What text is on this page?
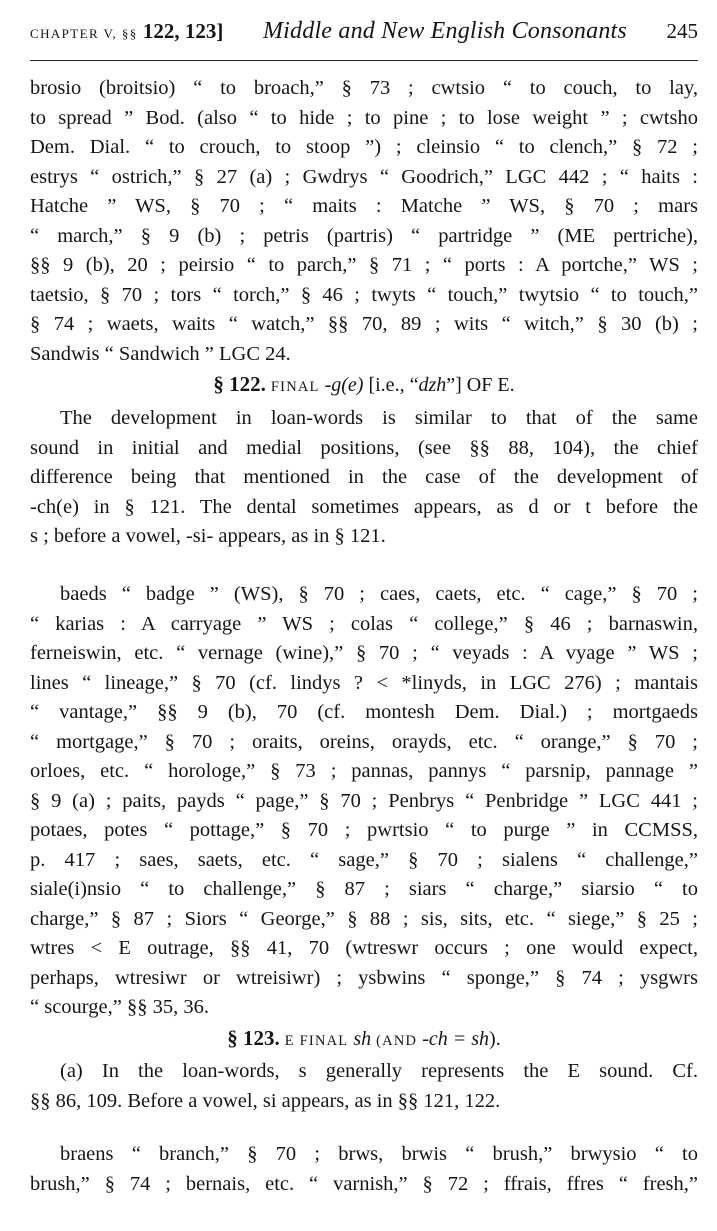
CHAPTER V, §§ 122, 123] Middle and New English Consonants 245
brosio (broitsio) “ to broach,” § 73 ; cwtsio “ to couch, to lay,
to spread ” Bod. (also “ to hide ; to pine ; to lose weight ” ; cwtsho
Dem. Dial. “ to crouch, to stoop ”) ; cleinsio “ to clench,” § 72 ;
estrys “ ostrich,” § 27 (a) ; Gwdrys “ Goodrich,” LGC 442 ; “ haits :
Hatche ” WS, § 70 ; “ maits : Matche ” WS, § 70 ; mars
“ march,” § 9 (b) ; petris (partris) “ partridge ” (ME pertriche),
§§ 9 (b), 20 ; peirsio “ to parch,” § 71 ; “ ports : A portche,” WS ;
taetsio, § 70 ; tors “ torch,” § 46 ; twyts “ touch,” twytsio “ to touch,”
§ 74 ; waets, waits “ watch,” §§ 70, 89 ; wits “ witch,” § 30 (b) ;
Sandwis “ Sandwich ” LGC 24.
§ 122. FINAL -g(e) [i.e., “dzh”] OF E.
The development in loan-words is similar to that of the same
sound in initial and medial positions, (see §§ 88, 104), the chief
difference being that mentioned in the case of the development of
-ch(e) in § 121. The dental sometimes appears, as d or t before the
s ; before a vowel, -si- appears, as in § 121.
baeds “ badge ” (WS), § 70 ; caes, caets, etc. “ cage,” § 70 ;
“ karias : A carryage ” WS ; colas “ college,” § 46 ; barnaswin,
ferneiswin, etc. “ vernage (wine),” § 70 ; “ veyads : A vyage ” WS ;
lines “ lineage,” § 70 (cf. lindys ? < *linyds, in LGC 276) ; mantais
“ vantage,” §§ 9 (b), 70 (cf. montesh Dem. Dial.) ; mortgaeds
“ mortgage,” § 70 ; oraits, oreins, orayds, etc. “ orange,” § 70 ;
orloes, etc. “ horologe,” § 73 ; pannas, pannys “ parsnip, pannage ”
§ 9 (a) ; paits, payds “ page,” § 70 ; Penbrys “ Penbridge ” LGC 441 ;
potaes, potes “ pottage,” § 70 ; pwrtsio “ to purge ” in CCMSS,
p. 417 ; saes, saets, etc. “ sage,” § 70 ; sialens “ challenge,”
siale(i)nsio “ to challenge,” § 87 ; siars “ charge,” siarsio “ to
charge,” § 87 ; Siors “ George,” § 88 ; sis, sits, etc. “ siege,” § 25 ;
wtres < E outrage, §§ 41, 70 (wtreswr occurs ; one would expect,
perhaps, wtresiwr or wtreisiwr) ; ysbwins “ sponge,” § 74 ; ysgwrs
“ scourge,” §§ 35, 36.
§ 123. E FINAL sh (AND -ch = sh).
(a) In the loan-words, s generally represents the E sound. Cf.
§§ 86, 109. Before a vowel, si appears, as in §§ 121, 122.
braens “ branch,” § 70 ; brws, brwis “ brush,” brwysio “ to
brush,” § 74 ; bernais, etc. “ varnish,” § 72 ; ffrais, ffres “ fresh,”
